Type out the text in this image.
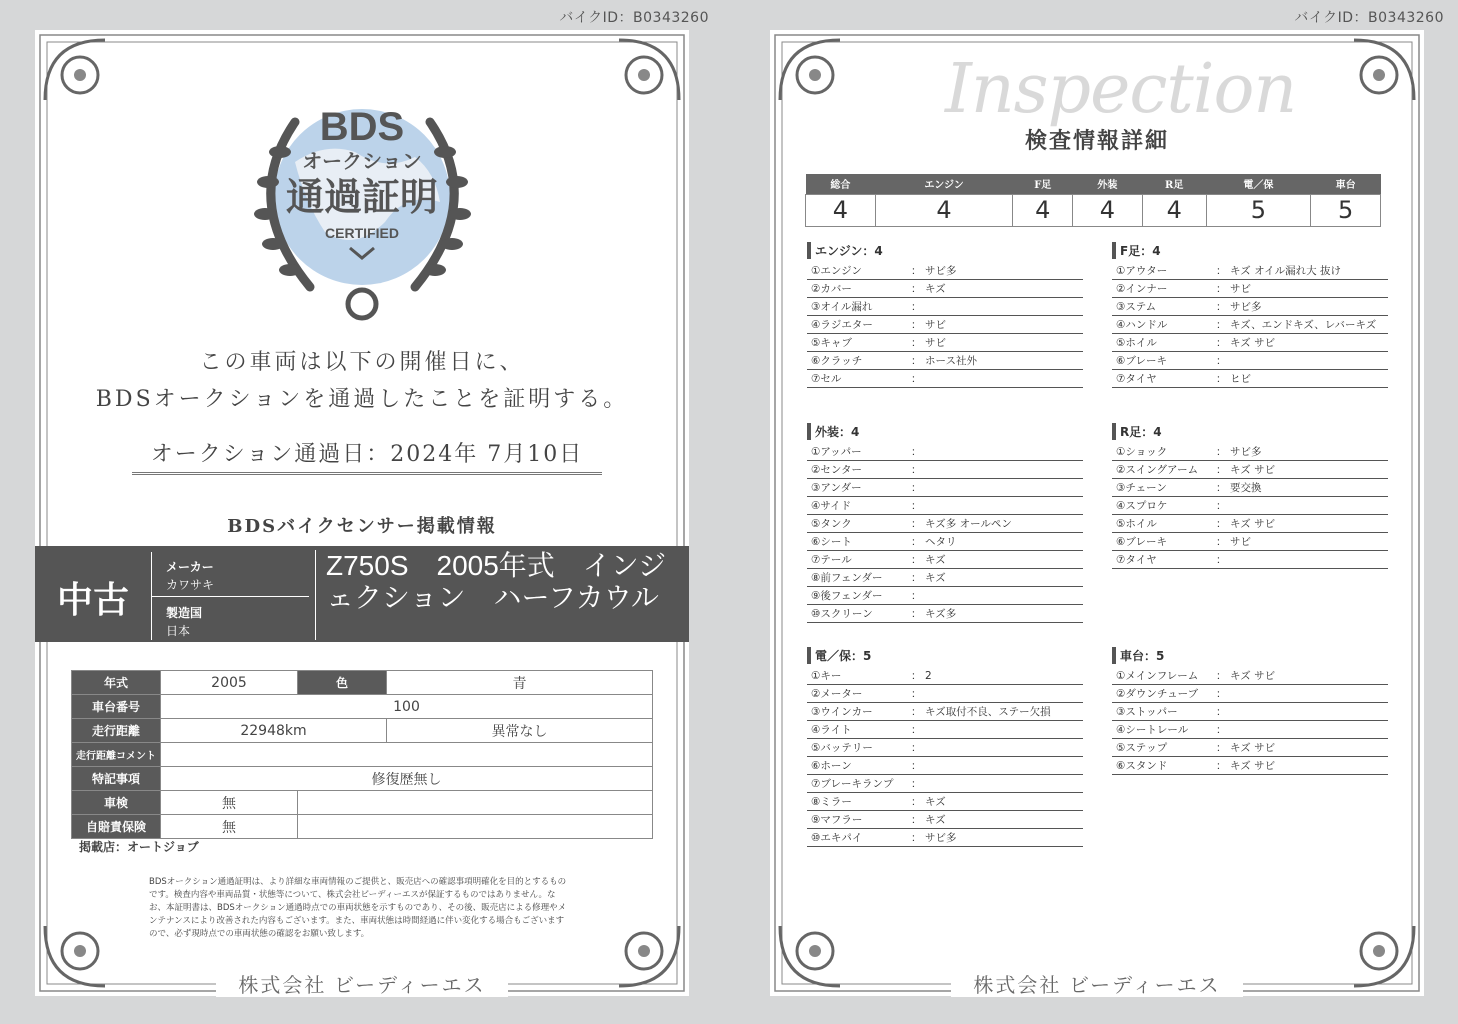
バイクID：B0343260
BDS
オークション
通過証明
CERTIFIED
この車両は以下の開催日に、
BDSオークションを通過したことを証明する。
オークション通過日：2024年 7月10日
BDSバイクセンサー掲載情報
中古
メーカー
カワサキ
製造国
日本
Z750S　2005年式　インジェクション　ハーフカウル
年式	2005	色	青
車台番号	100		
走行距離	22948km		異常なし
走行距離コメント			
特記事項	修復歴無し		
車検	無		
自賠責保険	無		
掲載店：オートジョブ
BDSオークション通過証明は、より詳細な車両情報のご提供と、販売店への確認事項明確化を目的とするものです。検査内容や車両品質・状態等について、株式会社ビーディーエスが保証するものではありません。なお、本証明書は、BDSオークション通過時点での車両状態を示すものであり、その後、販売店による修理やメンテナンスにより改善された内容もございます。また、車両状態は時間経過に伴い変化する場合もございますので、必ず現時点での車両状態の確認をお願い致します。
株式会社 ビーディーエス
バイクID：B0343260
Inspection
検査情報詳細
総合	エンジン	F足	外装	R足	電／保	車台
4	4	4	4	4	5	5
エンジン：4
①エンジン	： サビ多
②カバー	： キズ
③オイル漏れ	：
④ラジエター	： サビ
⑤キャブ	： サビ
⑥クラッチ	： ホース社外
⑦セル	：
F足：4
①アウター	： キズ オイル漏れ大 抜け
②インナー	： サビ
③ステム	： サビ多
④ハンドル	： キズ、エンドキズ、レバーキズ
⑤ホイル	： キズ サビ
⑥ブレーキ	：
⑦タイヤ	： ヒビ
外装：4
①アッパー	：
②センター	：
③アンダー	：
④サイド	：
⑤タンク	： キズ多 オールペン
⑥シート	： ヘタリ
⑦テール	： キズ
⑧前フェンダー	： キズ
⑨後フェンダー	：
⑩スクリーン	： キズ多
R足：4
①ショック	： サビ多
②スイングアーム	： キズ サビ
③チェーン	： 要交換
④スプロケ	：
⑤ホイル	： キズ サビ
⑥ブレーキ	： サビ
⑦タイヤ	：
電／保：5
①キー	： 2
②メーター	：
③ウインカー	： キズ取付不良、ステー欠損
④ライト	：
⑤バッテリー	：
⑥ホーン	：
⑦ブレーキランプ	：
⑧ミラー	： キズ
⑨マフラー	： キズ
⑩エキパイ	： サビ多
車台：5
①メインフレーム	： キズ サビ
②ダウンチューブ	：
③ストッパー	：
④シートレール	：
⑤ステップ	： キズ サビ
⑥スタンド	： キズ サビ
株式会社 ビーディーエス
